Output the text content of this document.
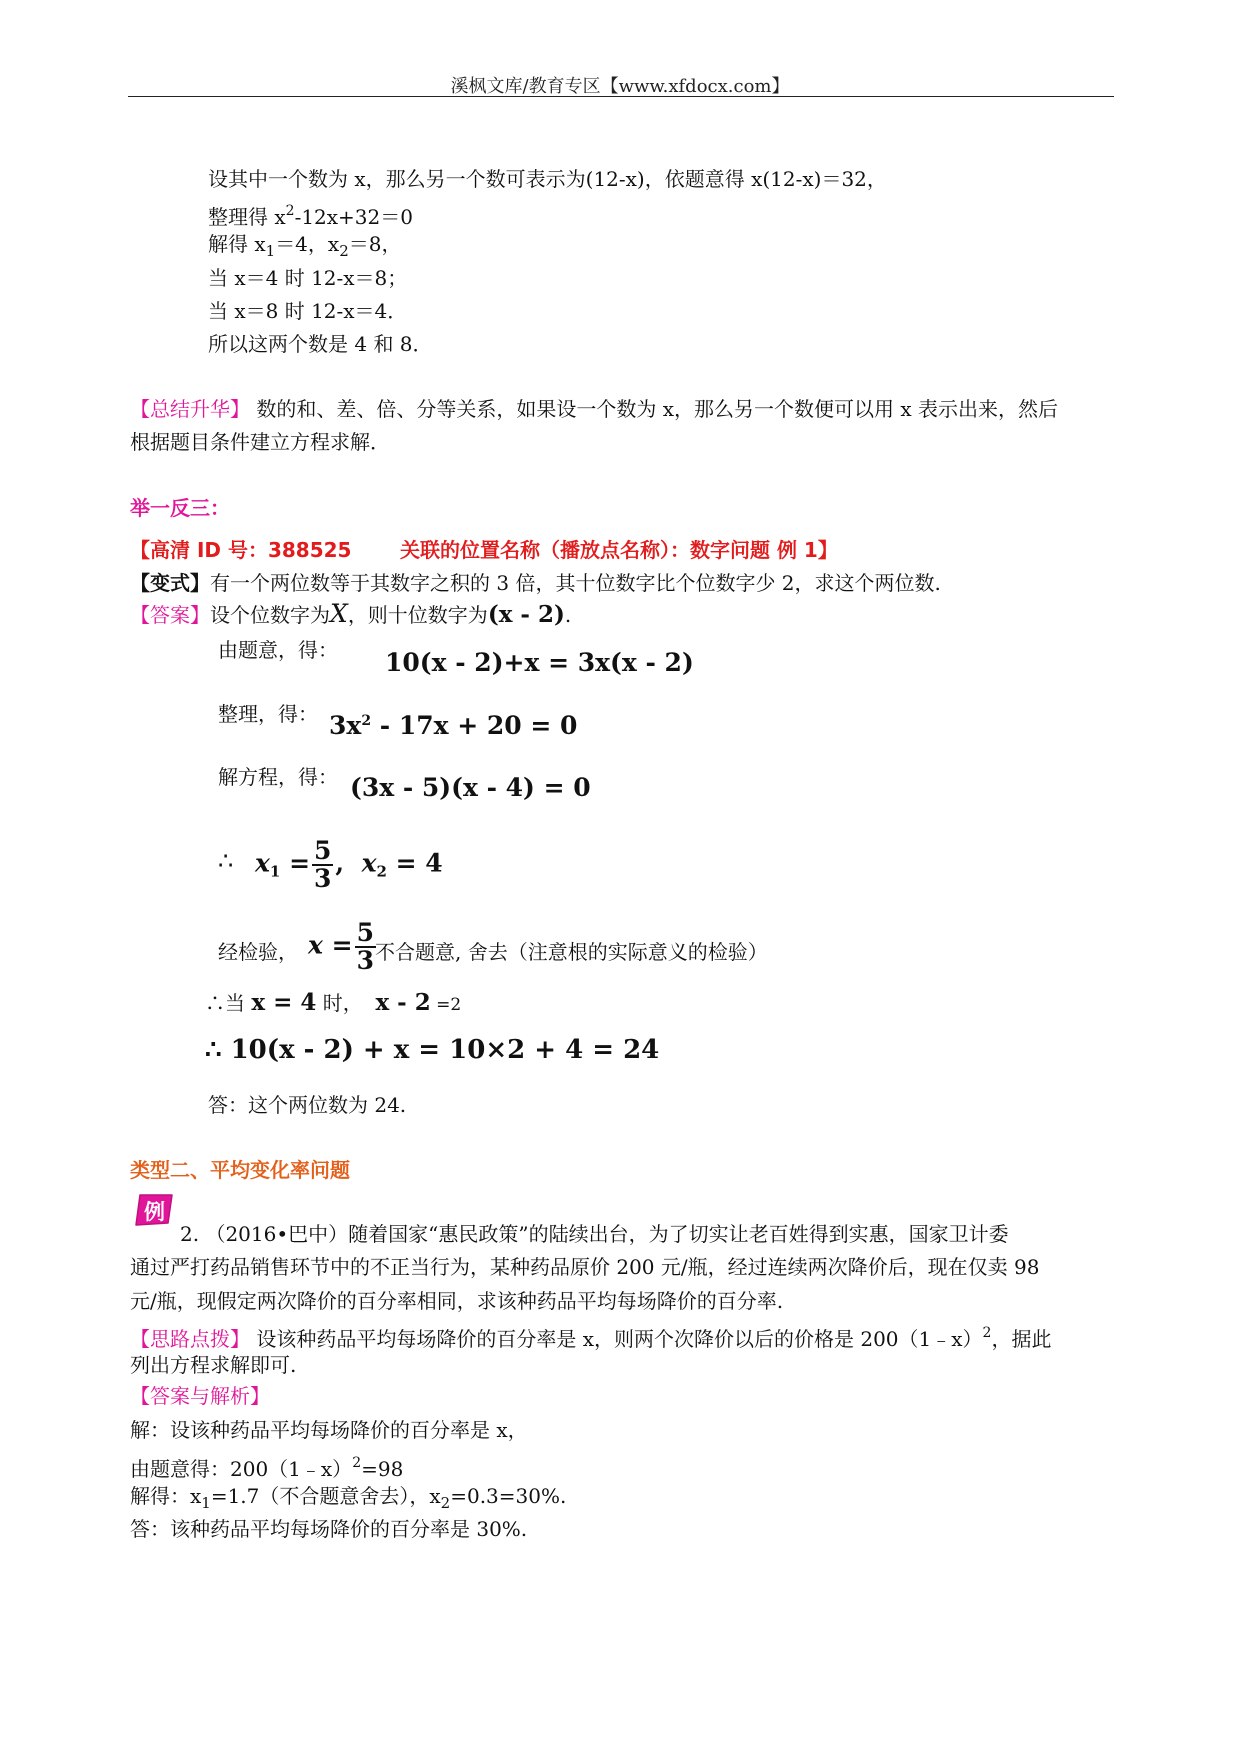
溪枫文库/教育专区【www.xfdocx.com】
设其中一个数为 x，那么另一个数可表示为(12-x)，依题意得 x(12-x)＝32，
整理得 $x^2-12x+32=0$
解得 $x_1=4$，$x_2=8$，
当 x＝4 时 12-x＝8；
当 x＝8 时 12-x＝4．
所以这两个数是 4 和 8．
【总结升华】 数的和、差、倍、分等关系，如果设一个数为 x，那么另一个数便可以用 x 表示出来，然后
根据题目条件建立方程求解．
举一反三：
【高清 ID 号：388525 关联的位置名称（播放点名称）：数字问题 例 1】
【变式】有一个两位数等于其数字之积的 3 倍，其十位数字比个位数字少 2，求这个两位数.
【答案】设个位数字为X，则十位数字为(x - 2).
由题意，得： 10(x - 2)+x = 3x(x - 2)
整理，得： $3x^2 - 17x + 20 = 0$
解方程，得： (3x - 5)(x - 4) = 0
∴ $x_1 = \frac{5}{3}$ , $x_2 = 4$
经检验， $x = \frac{5}{3}$ 不合题意, 舍去（注意根的实际意义的检验）
∴当 x = 4 时， x - 2 =2
∴ 10(x - 2) + x = 10×2 + 4 = 24
答：这个两位数为 24.
类型二、平均变化率问题
例
2. （2016•巴中）随着国家“惠民政策”的陆续出台，为了切实让老百姓得到实惠，国家卫计委
通过严打药品销售环节中的不正当行为，某种药品原价 200 元/瓶，经过连续两次降价后，现在仅卖 98
元/瓶，现假定两次降价的百分率相同，求该种药品平均每场降价的百分率.
【思路点拨】 设该种药品平均每场降价的百分率是 x，则两个次降价以后的价格是 200（1﹣x）$^2$，据此
列出方程求解即可.
【答案与解析】
解：设该种药品平均每场降价的百分率是 x，
由题意得：200（1﹣x）$^2$=98
解得：$x_1=1.7$（不合题意舍去），$x_2=0.3=30\%$.
答：该种药品平均每场降价的百分率是 30%.
